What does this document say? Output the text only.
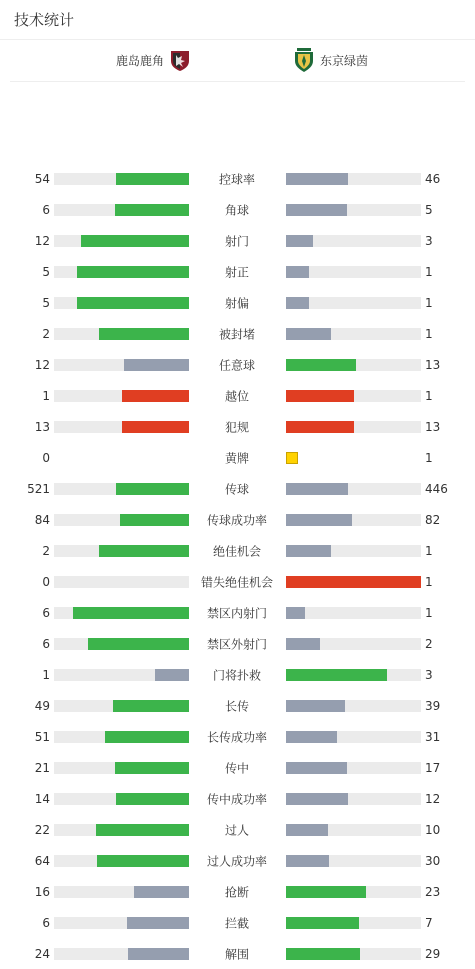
技术统计
鹿岛鹿角	东京绿茵
54	控球率	46
6	角球	5
12	射门	3
5	射正	1
5	射偏	1
2	被封堵	1
12	任意球	13
1	越位	1
13	犯规	13
0	黄牌	1
521	传球	446
84	传球成功率	82
2	绝佳机会	1
0	错失绝佳机会	1
6	禁区内射门	1
6	禁区外射门	2
1	门将扑救	3
49	长传	39
51	长传成功率	31
21	传中	17
14	传中成功率	12
22	过人	10
64	过人成功率	30
16	抢断	23
6	拦截	7
24	解围	29
